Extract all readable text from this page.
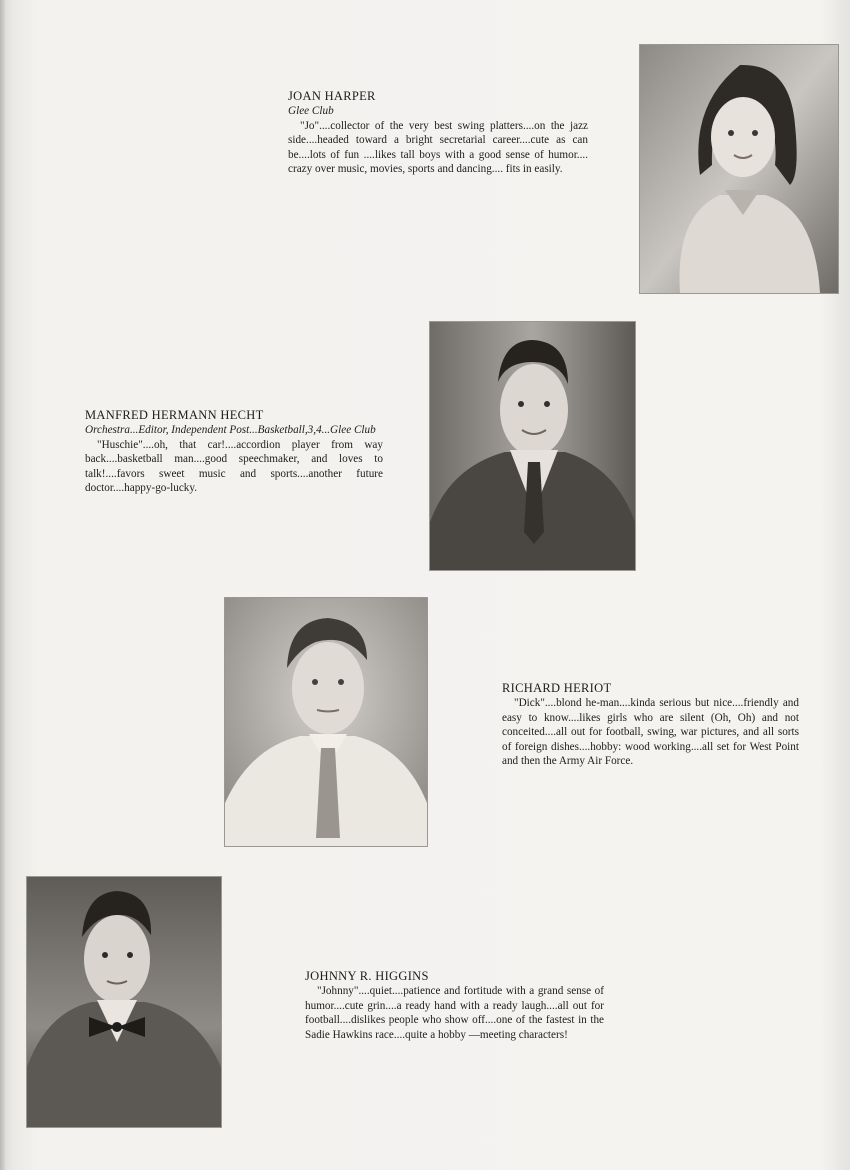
JOAN HARPER
Glee Club

"Jo"....collector of the very best swing platters....on the jazz side....headed toward a bright secretarial career....cute as can be....lots of fun ....likes tall boys with a good sense of humor.... crazy over music, movies, sports and dancing.... fits in easily.

MANFRED HERMANN HECHT
Orchestra...Editor, Independent Post...Basketball,3,4...Glee Club

"Huschie"....oh, that car!....accordion player from way back....basketball man....good speechmaker, and loves to talk!....favors sweet music and sports....another future doctor....happy-go-lucky.

RICHARD HERIOT

"Dick"....blond he-man....kinda serious but nice....friendly and easy to know....likes girls who are silent (Oh, Oh) and not conceited....all out for football, swing, war pictures, and all sorts of foreign dishes....hobby: wood working....all set for West Point and then the Army Air Force.

JOHNNY R. HIGGINS

"Johnny"....quiet....patience and fortitude with a grand sense of humor....cute grin....a ready hand with a ready laugh....all out for football....dislikes people who show off....one of the fastest in the Sadie Hawkins race....quite a hobby —meeting characters!
